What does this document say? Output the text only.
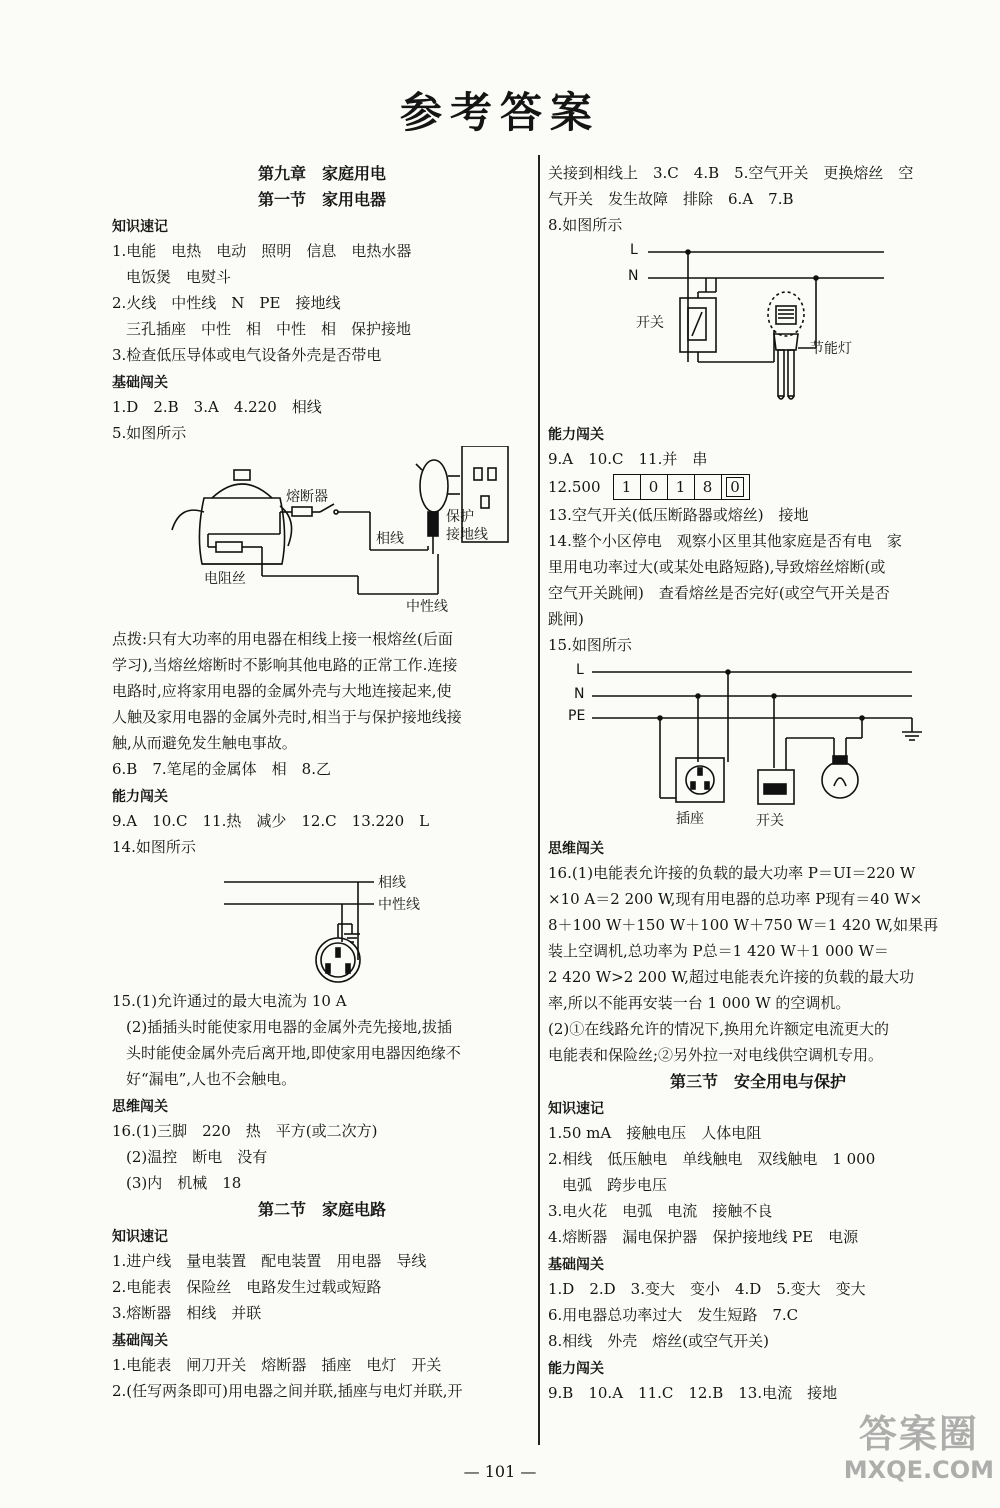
参考答案
第九章　家庭用电
第一节　家用电器
知识速记
1.电能　电热　电动　照明　信息　电热水器
电饭煲　电熨斗
2.火线　中性线　N　PE　接地线
三孔插座　中性　相　中性　相　保护接地
3.检查低压导体或电气设备外壳是否带电
基础闯关
1.D　2.B　3.A　4.220　相线
5.如图所示
熔断器
电阻丝
相线
保护
接地线
中性线
点拨:只有大功率的用电器在相线上接一根熔丝(后面
学习),当熔丝熔断时不影响其他电路的正常工作.连接
电路时,应将家用电器的金属外壳与大地连接起来,使
人触及家用电器的金属外壳时,相当于与保护接地线接
触,从而避免发生触电事故。
6.B　7.笔尾的金属体　相　8.乙
能力闯关
9.A　10.C　11.热　减少　12.C　13.220　L
14.如图所示
相线
中性线
15.(1)允许通过的最大电流为 10 A
(2)插插头时能使家用电器的金属外壳先接地,拔插
头时能使金属外壳后离开地,即使家用电器因绝缘不
好“漏电”,人也不会触电。
思维闯关
16.(1)三脚　220　热　平方(或二次方)
(2)温控　断电　没有
(3)内　机械　18
第二节　家庭电路
知识速记
1.进户线　量电装置　配电装置　用电器　导线
2.电能表　保险丝　电路发生过载或短路
3.熔断器　相线　并联
基础闯关
1.电能表　闸刀开关　熔断器　插座　电灯　开关
2.(任写两条即可)用电器之间并联,插座与电灯并联,开
关接到相线上　3.C　4.B　5.空气开关　更换熔丝　空
气开关　发生故障　排除　6.A　7.B
8.如图所示
L
N
开关
节能灯
能力闯关
9.A　10.C　11.并　串
12.500 1 0 1 8 0
13.空气开关(低压断路器或熔丝)　接地
14.整个小区停电　观察小区里其他家庭是否有电　家
里用电功率过大(或某处电路短路),导致熔丝熔断(或
空气开关跳闸)　查看熔丝是否完好(或空气开关是否
跳闸)
15.如图所示
L
N
PE
插座	开关
思维闯关
16.(1)电能表允许接的负载的最大功率 P＝UI＝220 W
×10 A＝2 200 W,现有用电器的总功率 P现有＝40 W×
8＋100 W＋150 W＋100 W＋750 W＝1 420 W,如果再
装上空调机,总功率为 P总＝1 420 W＋1 000 W＝
2 420 W>2 200 W,超过电能表允许接的负载的最大功
率,所以不能再安装一台 1 000 W 的空调机。
(2)①在线路允许的情况下,换用允许额定电流更大的
电能表和保险丝;②另外拉一对电线供空调机专用。
第三节　安全用电与保护
知识速记
1.50 mA　接触电压　人体电阻
2.相线　低压触电　单线触电　双线触电　1 000
电弧　跨步电压
3.电火花　电弧　电流　接触不良
4.熔断器　漏电保护器　保护接地线 PE　电源
基础闯关
1.D　2.D　3.变大　变小　4.D　5.变大　变大
6.用电器总功率过大　发生短路　7.C
8.相线　外壳　熔丝(或空气开关)
能力闯关
9.B　10.A　11.C　12.B　13.电流　接地
— 101 —
答案圈
MXQE.COM
